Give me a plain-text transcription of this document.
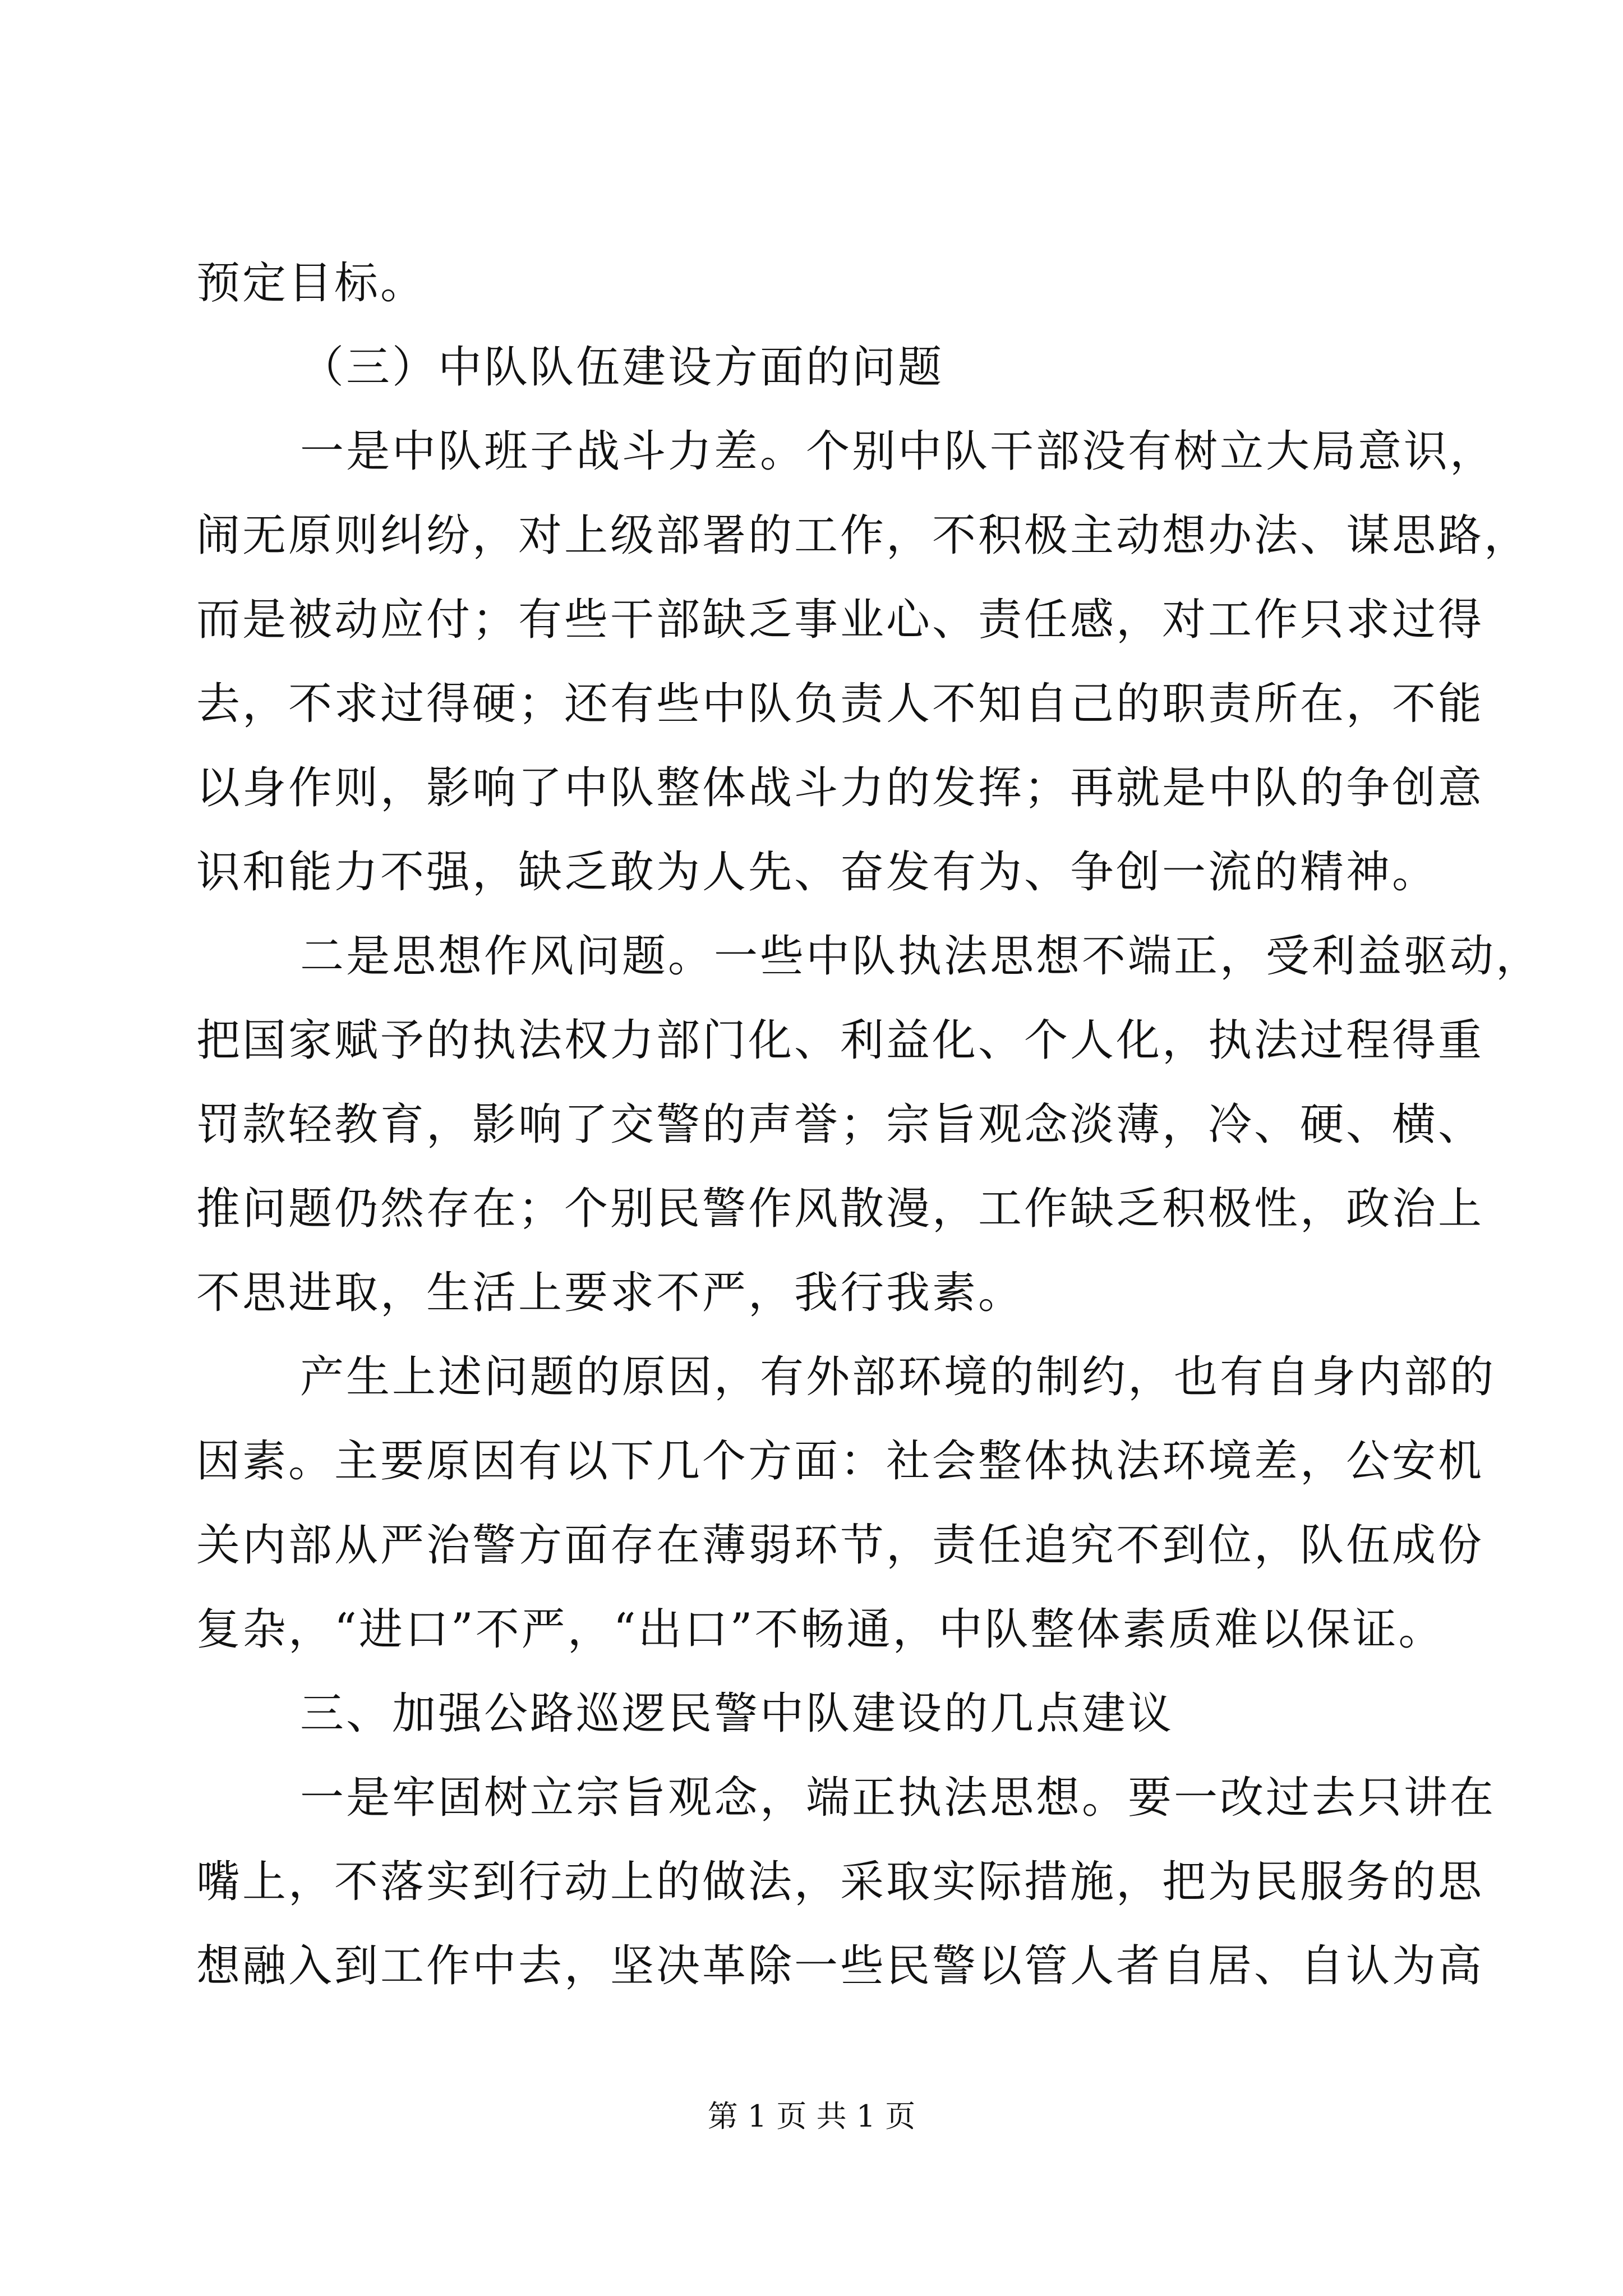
预定目标。
（三）中队队伍建设方面的问题
一是中队班子战斗力差。个别中队干部没有树立大局意识，
闹无原则纠纷，对上级部署的工作，不积极主动想办法、谋思路，
而是被动应付；有些干部缺乏事业心、责任感，对工作只求过得
去，不求过得硬；还有些中队负责人不知自己的职责所在，不能
以身作则，影响了中队整体战斗力的发挥；再就是中队的争创意
识和能力不强，缺乏敢为人先、奋发有为、争创一流的精神。
二是思想作风问题。一些中队执法思想不端正，受利益驱动，
把国家赋予的执法权力部门化、利益化、个人化，执法过程得重
罚款轻教育，影响了交警的声誉；宗旨观念淡薄，冷、硬、横、
推问题仍然存在；个别民警作风散漫，工作缺乏积极性，政治上
不思进取，生活上要求不严，我行我素。
产生上述问题的原因，有外部环境的制约，也有自身内部的
因素。主要原因有以下几个方面：社会整体执法环境差，公安机
关内部从严治警方面存在薄弱环节，责任追究不到位，队伍成份
复杂，“进口”不严，“出口”不畅通，中队整体素质难以保证。
三、加强公路巡逻民警中队建设的几点建议
一是牢固树立宗旨观念，端正执法思想。要一改过去只讲在
嘴上，不落实到行动上的做法，采取实际措施，把为民服务的思
想融入到工作中去，坚决革除一些民警以管人者自居、自认为高
第 1 页 共 1 页
